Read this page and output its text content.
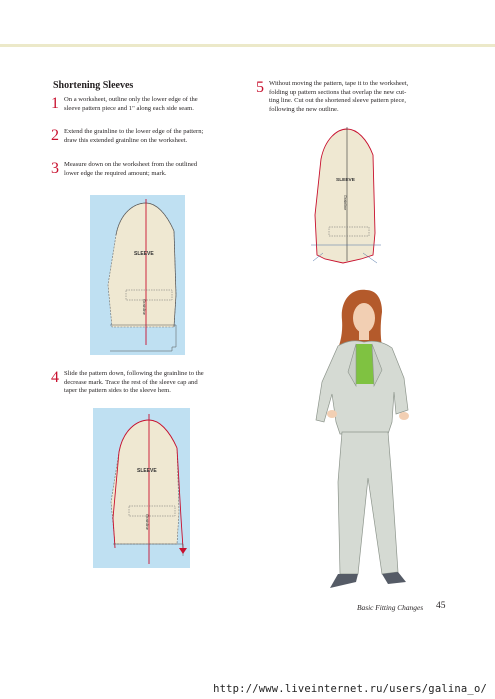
Shortening Sleeves
1 On a worksheet, outline only the lower edge of the
sleeve pattern piece and 1" along each side seam.
2 Extend the grainline to the lower edge of the pattern;
draw this extended grainline on the worksheet.
3 Measure down on the worksheet from the outlined
lower edge the required amount; mark.
SLEEVE
Grainline
4 Slide the pattern down, following the grainline to the
decrease mark. Trace the rest of the sleeve cap and
taper the pattern sides to the sleeve hem.
SLEEVE
Grainline
5 Without moving the pattern, tape it to the worksheet,
folding up pattern sections that overlap the new cut-
ting line. Cut out the shortened sleeve pattern piece,
following the new outline.
SLEEVE
Grainline
Basic Fitting Changes 45
http://www.liveinternet.ru/users/galina_o/
